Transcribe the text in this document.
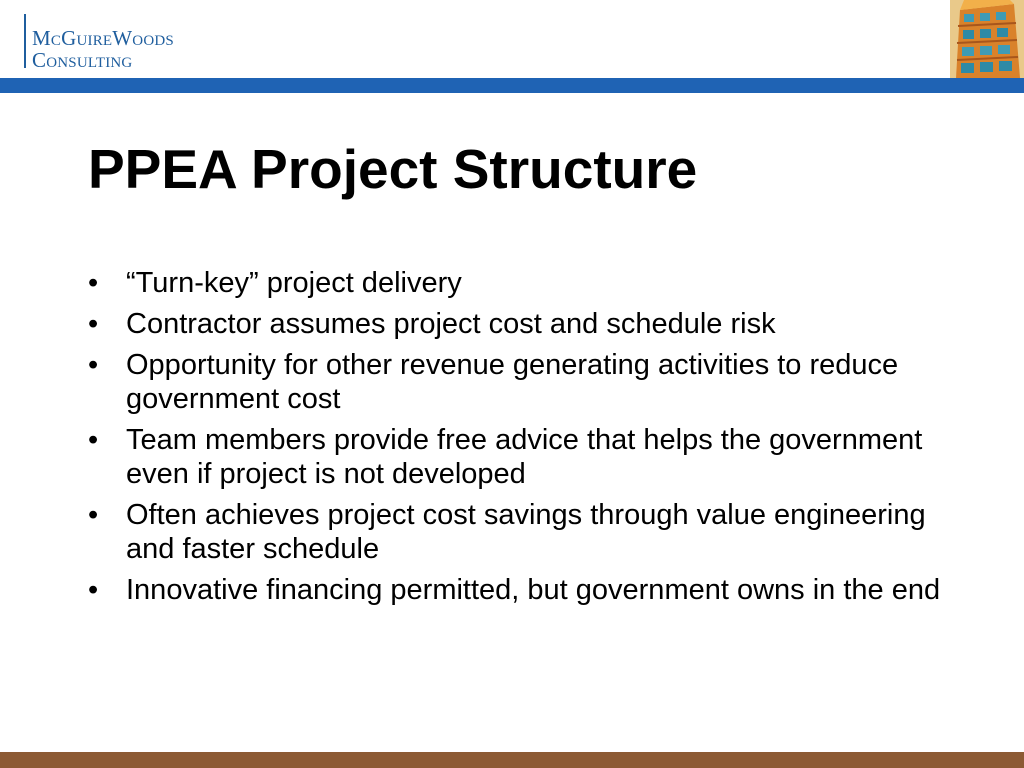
MCGUIREWOODS
CONSULTING
PPEA Project Structure
• “Turn-key” project delivery
• Contractor assumes project cost and schedule risk
• Opportunity for other revenue generating activities to reduce government cost
• Team members provide free advice that helps the government even if project is not developed
• Often achieves project cost savings through value engineering and faster schedule
• Innovative financing permitted, but government owns in the end
